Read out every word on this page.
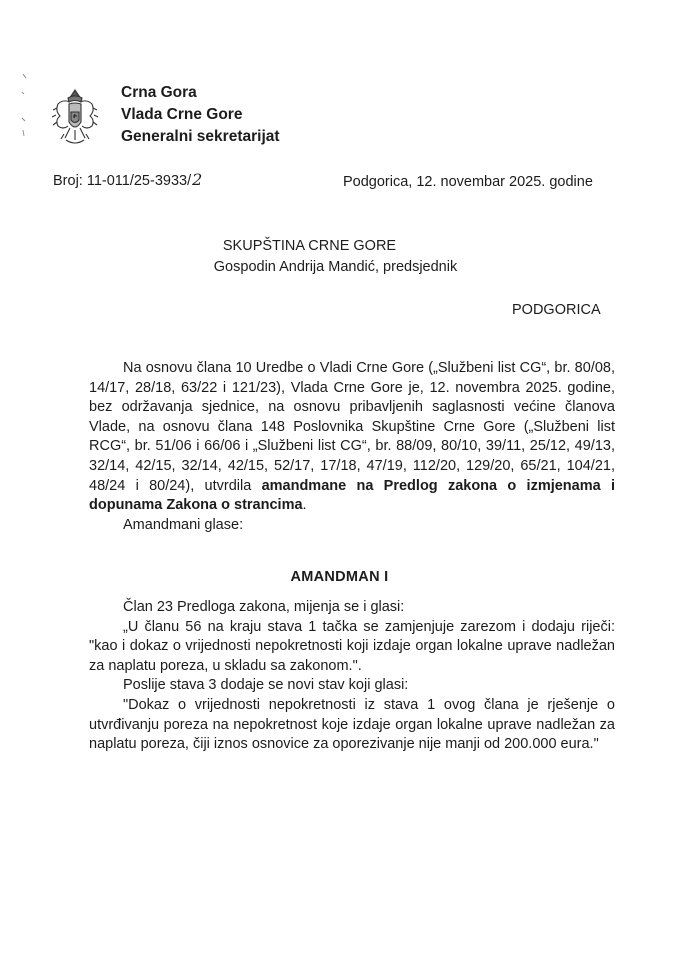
Crna Gora
Vlada Crne Gore
Generalni sekretarijat
Broj: 11-011/25-3933/2	Podgorica, 12. novembar 2025. godine
SKUPŠTINA CRNE GORE
Gospodin Andrija Mandić, predsjednik
PODGORICA

Na osnovu člana 10 Uredbe o Vladi Crne Gore („Službeni list CG“, br. 80/08, 14/17, 28/18, 63/22 i 121/23), Vlada Crne Gore je, 12. novembra 2025. godine, bez održavanja sjednice, na osnovu pribavljenih saglasnosti većine članova Vlade, na osnovu člana 148 Poslovnika Skupštine Crne Gore („Službeni list RCG“, br. 51/06 i 66/06 i „Službeni list CG“, br. 88/09, 80/10, 39/11, 25/12, 49/13, 32/14, 42/15, 32/14, 42/15, 52/17, 17/18, 47/19, 112/20, 129/20, 65/21, 104/21, 48/24 i 80/24), utvrdila amandmane na Predlog zakona o izmjenama i dopunama Zakona o strancima.

Amandmani glase:

AMANDMAN I

Član 23 Predloga zakona, mijenja se i glasi:

„U članu 56 na kraju stava 1 tačka se zamjenjuje zarezom i dodaju riječi: "kao i dokaz o vrijednosti nepokretnosti koji izdaje organ lokalne uprave nadležan za naplatu poreza, u skladu sa zakonom.".

Poslije stava 3 dodaje se novi stav koji glasi:

"Dokaz o vrijednosti nepokretnosti iz stava 1 ovog člana je rješenje o utvrđivanju poreza na nepokretnost koje izdaje organ lokalne uprave nadležan za naplatu poreza, čiji iznos osnovice za oporezivanje nije manji od 200.000 eura."
